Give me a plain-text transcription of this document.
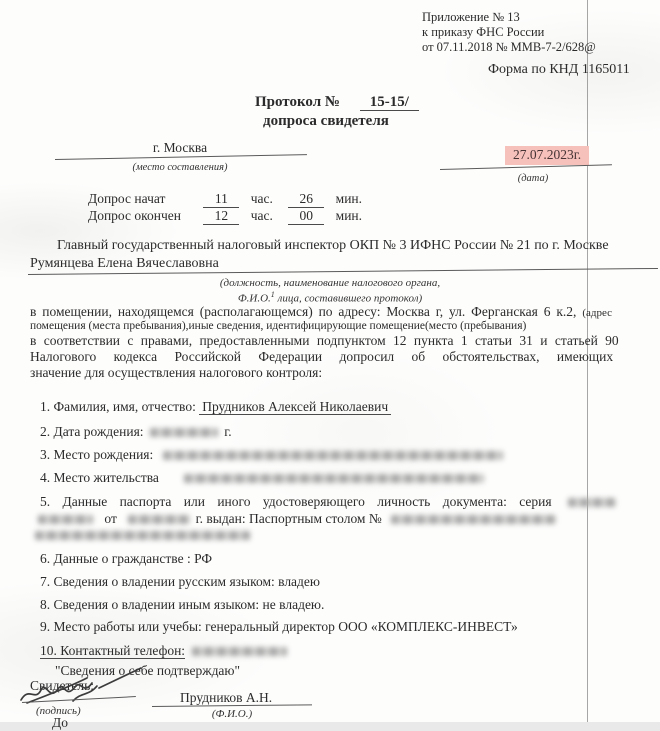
Приложение № 13
к приказу ФНС России
от 07.11.2018 № ММВ-7-2/628@
Форма по КНД 1165011
Протокол № 15-15/
допроса свидетеля
г. Москва
(место составления)
27.07.2023г.
(дата)
Допрос начат	11 час. 26 мин.
Допрос окончен 12 час. 00 мин.
Главный государственный налоговый инспектор ОКП № 3 ИФНС России № 21 по г. Москве
Румянцева Елена Вячеславовна
(должность, наименование налогового органа,
Ф.И.О.$^1$ лица, составившего протокол)
в помещении, находящемся (располагающемся) по адресу: Москва г, ул. Ферганская 6 к.2, (адрес
помещения (места пребывания),иные сведения, идентифицирующие помещение(место (пребывания)
в соответствии с правами, предоставленными подпунктом 12 пункта 1 статьи 31 и статьей 90
Налогового кодекса Российской Федерации допросил об обстоятельствах, имеющих
значение для осуществления налогового контроля:
1. Фамилия, имя, отчество: Прудников Алексей Николаевич
2. Дата рождения:	г.
3. Место рождения:
4. Место жительства
5. Данные паспорта или иного удостоверяющего личность документа: серия
от	г. выдан: Паспортным столом №
6. Данные о гражданстве : РФ
7. Сведения о владении русским языком: владею
8. Сведения о владении иным языком: не владею.
9. Место работы или учебы: генеральный директор ООО «КОМПЛЕКС-ИНВЕСТ»
10. Контактный телефон:
"Сведения о себе подтверждаю"
Свидетель:
(подпись)
Прудников А.Н.
(Ф.И.О.)
До
